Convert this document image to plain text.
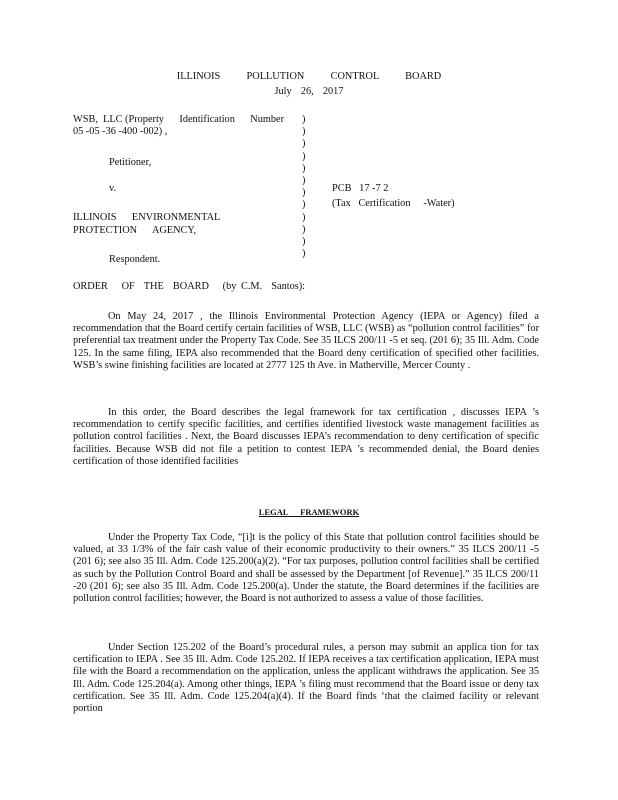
ILLINOIS    POLLUTION    CONTROL    BOARD
July  26,  2017
WSB,  LLC (Property      Identification      Number
05 -05 -36 -400 -002) ,
Petitioner,
v.
ILLINOIS      ENVIRONMENTAL
PROTECTION      AGENCY,
Respondent.
)
)
)
)
)
)
)
)
)
)
)
)
PCB   17 -7 2
(Tax   Certification     -Water)
ORDER   OF  THE  BOARD   (by C.M.  Santos):

On May 24, 2017 , the Illinois Environmental Protection Agency (IEPA or Agency) filed a recommendation that the Board certify certain facilities of WSB, LLC (WSB) as “pollution control facilities” for preferential tax treatment under the Property Tax Code. See 35 ILCS 200/11 -5 et seq. (201 6); 35 Ill. Adm. Code 125. In the same filing, IEPA also recommended that the Board deny certification of specified other facilities. WSB’s swine finishing facilities are located at 2777 125 th Ave. in Matherville, Mercer County .

In this order, the Board describes the legal framework for tax certification , discusses IEPA ’s recommendation to certify specific facilities, and certifies identified livestock waste management facilities as pollution control facilities . Next, the Board discusses IEPA’s recommendation to deny certification of specific facilities. Because WSB did not file a petition to contest IEPA ’s recommended denial, the Board denies certification of those identified facilities

LEGAL FRAMEWORK

Under the Property Tax Code, “[i]t is the policy of this State that pollution control facilities should be valued, at 33 1/3% of the fair cash value of their economic productivity to their owners.” 35 ILCS 200/11 -5 (201 6); see also 35 Ill. Adm. Code 125.200(a)(2). “For tax purposes, pollution control facilities shall be certified as such by the Pollution Control Board and shall be assessed by the Department [of Revenue].” 35 ILCS 200/11 -20 (201 6); see also 35 Ill. Adm. Code 125.200(a). Under the statute, the Board determines if the facilities are pollution control facilities; however, the Board is not authorized to assess a value of those facilities.

Under Section 125.202 of the Board’s procedural rules, a person may submit an applica tion for tax certification to IEPA . See 35 Ill. Adm. Code 125.202. If IEPA receives a tax certification application, IEPA must file with the Board a recommendation on the application, unless the applicant withdraws the application. See 35 Ill. Adm. Code 125.204(a). Among other things, IEPA ’s filing must recommend that the Board issue or deny tax certification. See 35 Ill. Adm. Code 125.204(a)(4). If the Board finds ‘that the claimed facility or relevant portion
